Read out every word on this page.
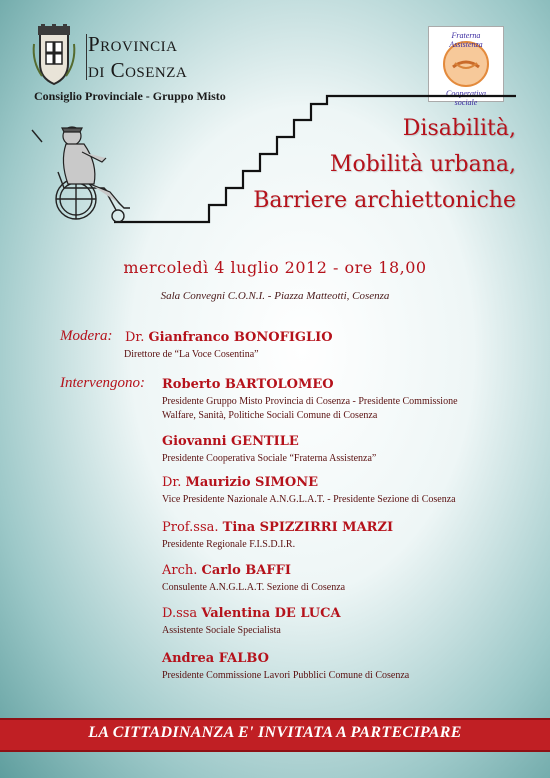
Provincia
di Cosenza
Consiglio Provinciale - Gruppo Misto
Fraterna Assistenza
Cooperativa sociale
Disabilità,
Mobilità urbana,
Barriere archiettoniche
mercoledì 4 luglio 2012 - ore 18,00
Sala Convegni C.O.N.I. - Piazza Matteotti, Cosenza
Modera: Dr. Gianfranco BONOFIGLIO
Direttore de “La Voce Cosentina”
Intervengono: Roberto BARTOLOMEO
Presidente Gruppo Misto Provincia di Cosenza - Presidente Commissione
Walfare, Sanità, Politiche Sociali Comune di Cosenza
Giovanni GENTILE
Presidente Cooperativa Sociale “Fraterna Assistenza”
Dr. Maurizio SIMONE
Vice Presidente Nazionale A.N.G.L.A.T. - Presidente Sezione di Cosenza
Prof.ssa. Tina SPIZZIRRI MARZI
Presidente Regionale F.I.S.D.I.R.
Arch. Carlo BAFFI
Consulente A.N.G.L.A.T. Sezione di Cosenza
D.ssa Valentina DE LUCA
Assistente Sociale Specialista
Andrea FALBO
Presidente Commissione Lavori Pubblici Comune di Cosenza
LA CITTADINANZA E' INVITATA A PARTECIPARE
